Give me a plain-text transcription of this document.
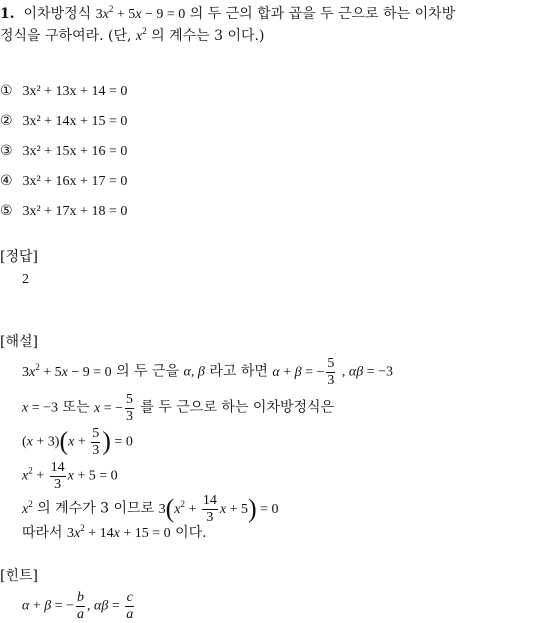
1. 이차방정식 $3x^2 + 5x - 9 = 0$ 의 두 근의 합과 곱을 두 근으로 하는 이차방
정식을 구하여라. (단, $x^2$ 의 계수는 3 이다.)
① 3x² + 13x + 14 = 0
② 3x² + 14x + 15 = 0
③ 3x² + 15x + 16 = 0
④ 3x² + 16x + 17 = 0
⑤ 3x² + 17x + 18 = 0
[정답]
2
[해설]
$3x^2 + 5x - 9 = 0$ 의 두 근을 α, β 라고 하면 α + β = − $\frac{5}{3}$ , αβ = −3
x = −3 또는 x = − $\frac{5}{3}$ 를 두 근으로 하는 이차방정식은
$(x + 3)(x + \frac{5}{3}$ ) = 0
$x^2 + \frac{14}{3}$ x + 5 = 0
$x^2$ 의 계수가 3 이므로 $3(x^2 + \frac{14}{3}$ x + 5) = 0
따라서 $3x^2 + 14x + 15 = 0$ 이다.
[힌트]
α + β = − $\frac{b}{a}$ , $\alpha\beta = \frac{c}{a}$
